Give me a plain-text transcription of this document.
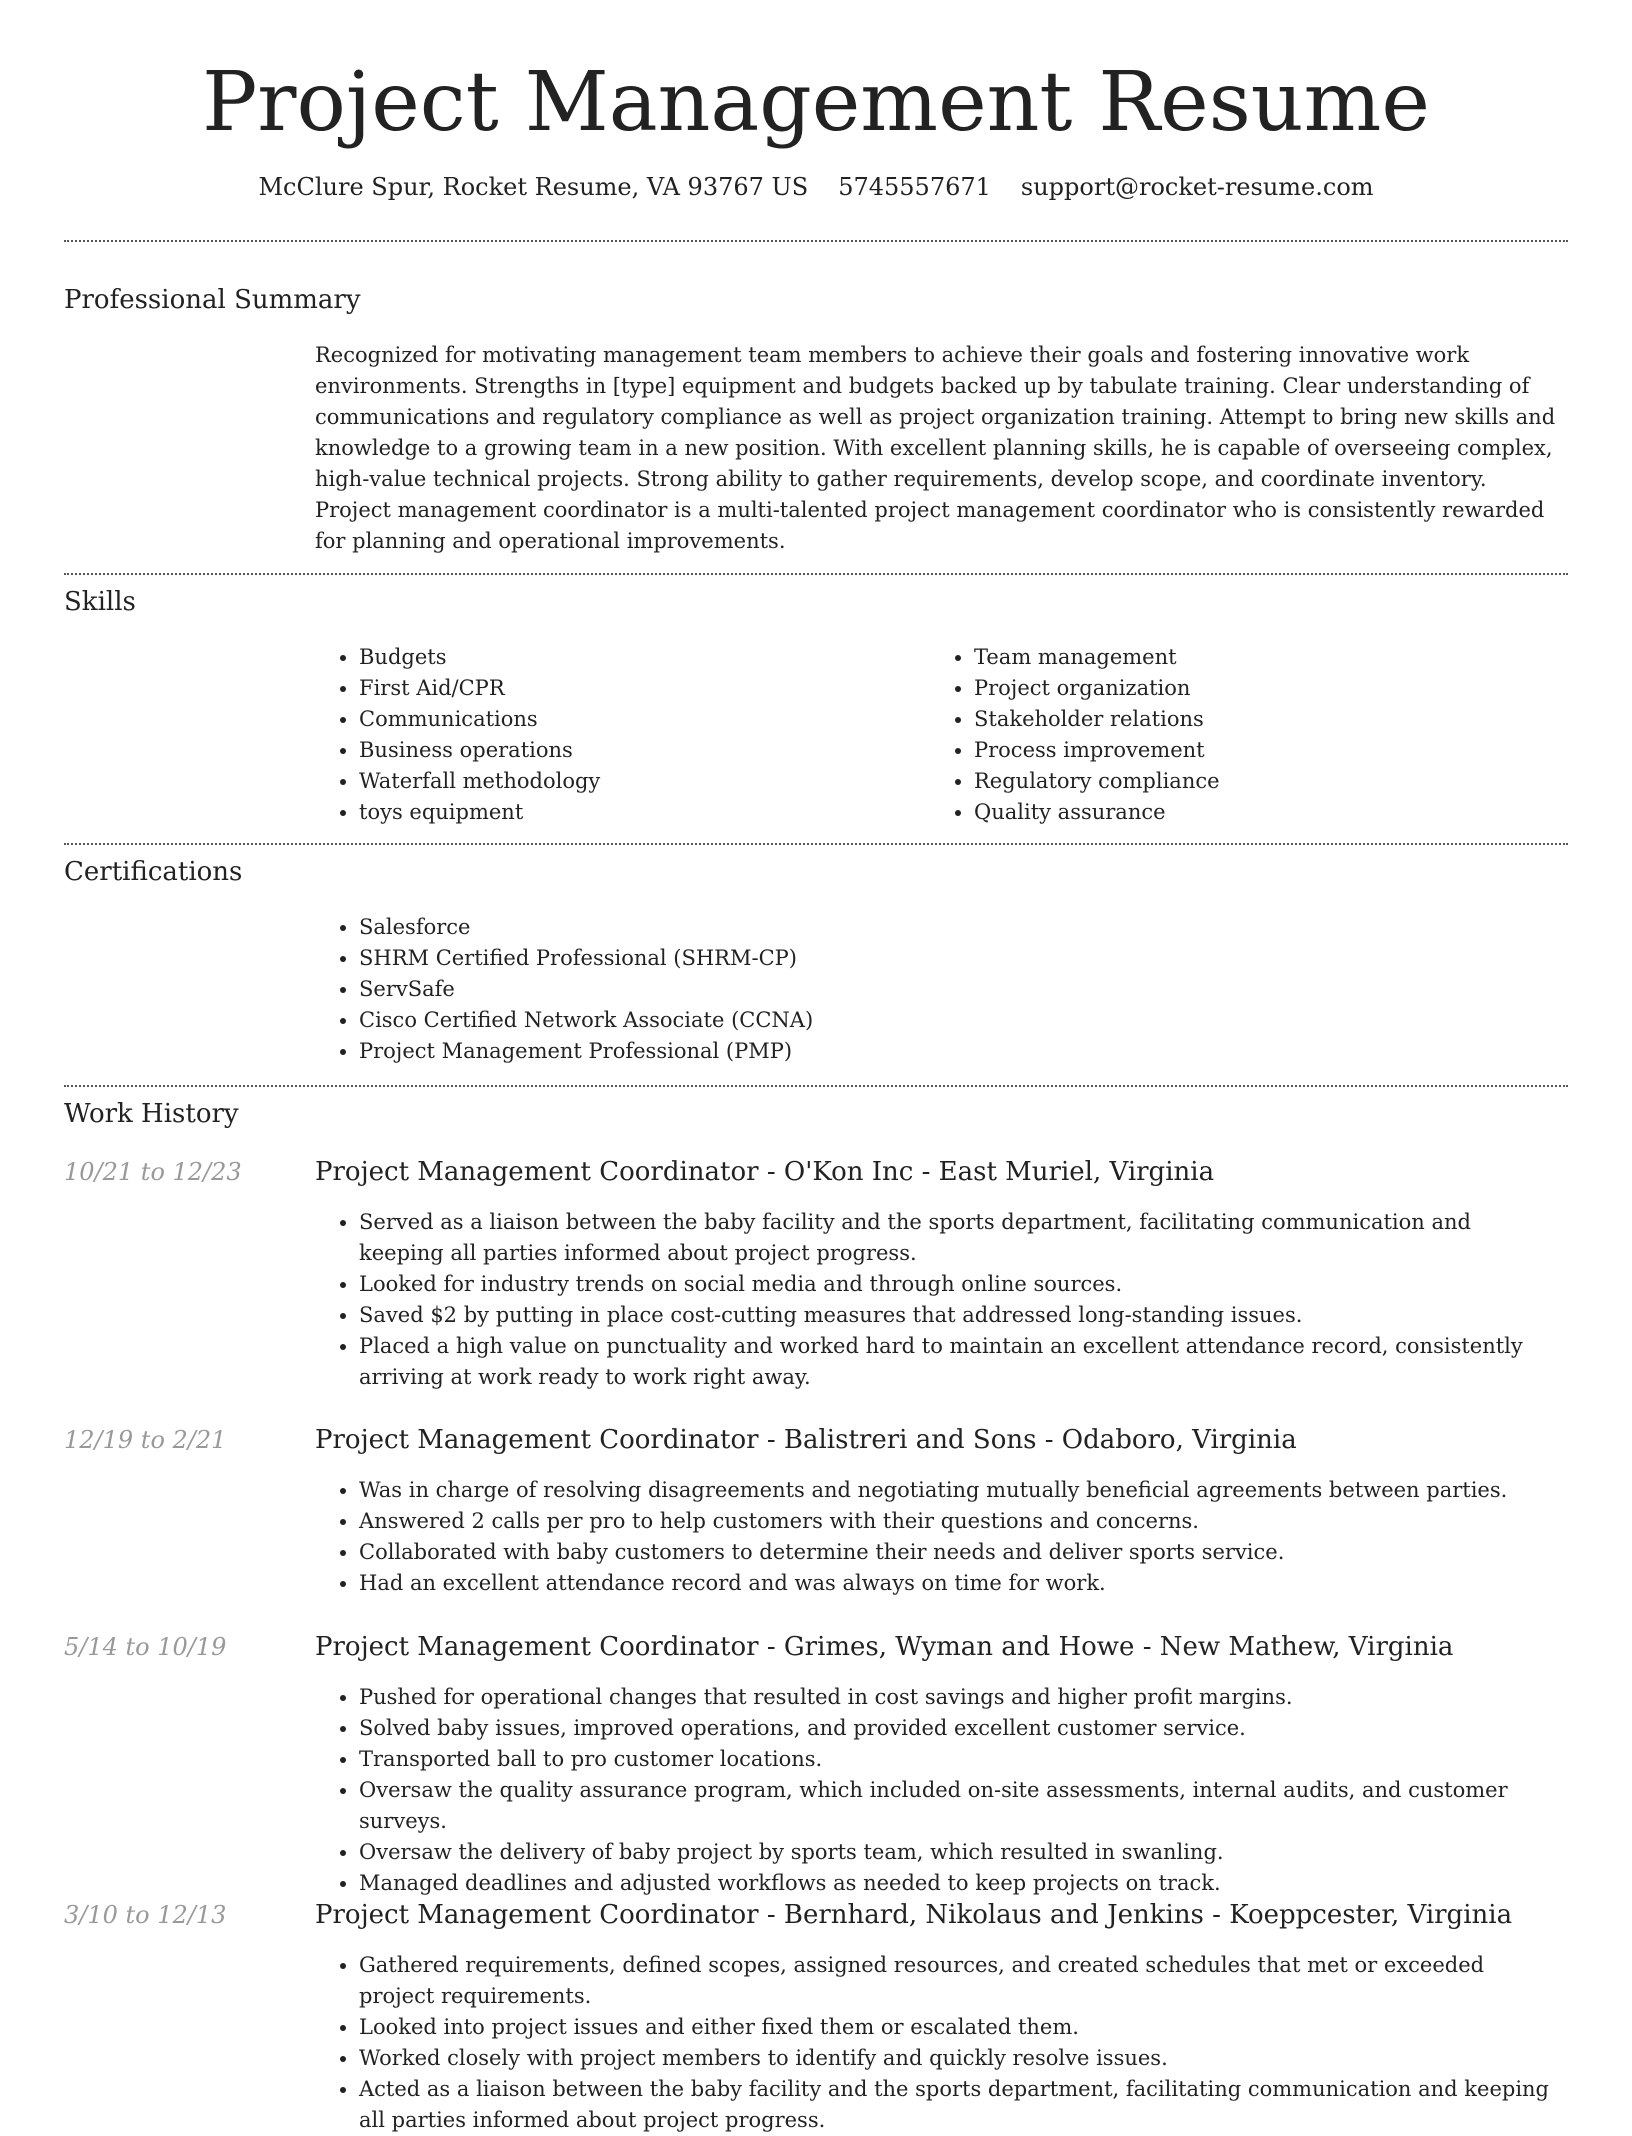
Project Management Resume
McClure Spur, Rocket Resume, VA 93767 US 5745557671 support@rocket-resume.com
Professional Summary

Recognized for motivating management team members to achieve their goals and fostering innovative work environments. Strengths in [type] equipment and budgets backed up by tabulate training. Clear understanding of communications and regulatory compliance as well as project organization training. Attempt to bring new skills and knowledge to a growing team in a new position. With excellent planning skills, he is capable of overseeing complex, high-value technical projects. Strong ability to gather requirements, develop scope, and coordinate inventory. Project management coordinator is a multi-talented project management coordinator who is consistently rewarded for planning and operational improvements.

Skills
• Budgets
• First Aid/CPR
• Communications
• Business operations
• Waterfall methodology
• toys equipment
• Team management
• Project organization
• Stakeholder relations
• Process improvement
• Regulatory compliance
• Quality assurance
Certifications
• Salesforce
• SHRM Certified Professional (SHRM-CP)
• ServSafe
• Cisco Certified Network Associate (CCNA)
• Project Management Professional (PMP)
Work History
10/21 to 12/23	Project Management Coordinator - O'Kon Inc - East Muriel, Virginia
• Served as a liaison between the baby facility and the sports department, facilitating communication and keeping all parties informed about project progress.
• Looked for industry trends on social media and through online sources.
• Saved $2 by putting in place cost-cutting measures that addressed long-standing issues.
• Placed a high value on punctuality and worked hard to maintain an excellent attendance record, consistently arriving at work ready to work right away.
12/19 to 2/21	Project Management Coordinator - Balistreri and Sons - Odaboro, Virginia
• Was in charge of resolving disagreements and negotiating mutually beneficial agreements between parties.
• Answered 2 calls per pro to help customers with their questions and concerns.
• Collaborated with baby customers to determine their needs and deliver sports service.
• Had an excellent attendance record and was always on time for work.
5/14 to 10/19	Project Management Coordinator - Grimes, Wyman and Howe - New Mathew, Virginia
• Pushed for operational changes that resulted in cost savings and higher profit margins.
• Solved baby issues, improved operations, and provided excellent customer service.
• Transported ball to pro customer locations.
• Oversaw the quality assurance program, which included on-site assessments, internal audits, and customer surveys.
• Oversaw the delivery of baby project by sports team, which resulted in swanling.
• Managed deadlines and adjusted workflows as needed to keep projects on track.
3/10 to 12/13	Project Management Coordinator - Bernhard, Nikolaus and Jenkins - Koeppcester, Virginia
• Gathered requirements, defined scopes, assigned resources, and created schedules that met or exceeded project requirements.
• Looked into project issues and either fixed them or escalated them.
• Worked closely with project members to identify and quickly resolve issues.
• Acted as a liaison between the baby facility and the sports department, facilitating communication and keeping all parties informed about project progress.
